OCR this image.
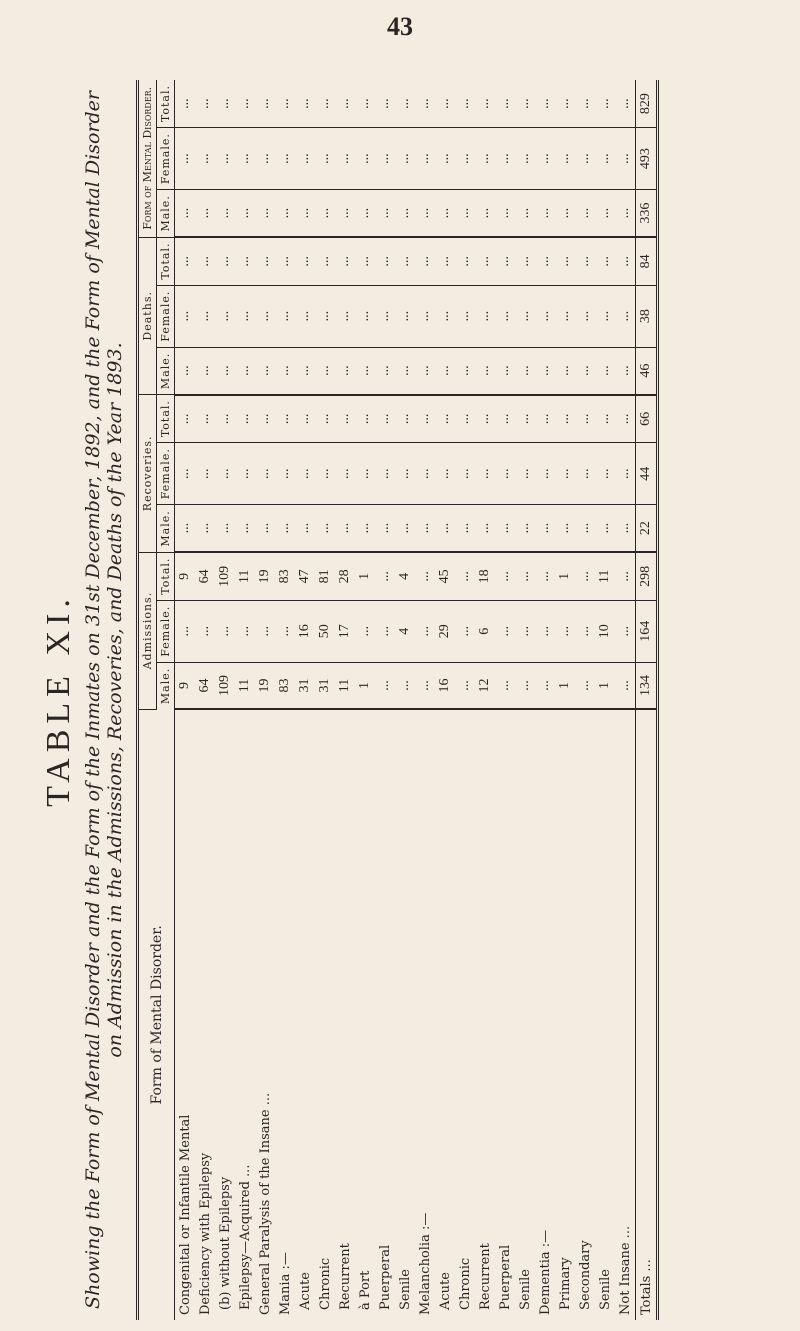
43
TABLE XI. Showing the Form of Mental Disorder and the Form of the Inmates on 31st December, 1892, and the Form of Mental Disorder on Admission in the Admissions, Recoveries, and Deaths of the Year 1893. Form of Mental Disorder.	Admissions.			Recoveries.			Deaths.			Form of Mental Disorder.		
	Male.	Female.	Total.	Male.	Female.	Total.	Male.	Female.	Total.	Male.	Female.	Total.
Congenital or Infantile Mental	9	...	9	...	...	...	...	...	...	...	...	...
Deficiency with Epilepsy	64	...	64	...	...	...	...	...	...	...	...	...
(b) without Epilepsy	109	...	109	...	...	...	...	...	...	...	...	...
Epilepsy—Acquired ...	11	...	11	...	...	...	...	...	...	...	...	...
General Paralysis of the Insane ...	19	...	19	...	...	...	...	...	...	...	...	...
Mania :—	83	...	83	...	...	...	...	...	...	...	...	...
Acute	31	16	47	...	...	...	...	...	...	...	...	...
Chronic	31	50	81	...	...	...	...	...	...	...	...	...
Recurrent	11	17	28	...	...	...	...	...	...	...	...	...
à Port	1	...	1	...	...	...	...	...	...	...	...	...
Puerperal	...	...	...	...	...	...	...	...	...	...	...	...
Senile	...	4	4	...	...	...	...	...	...	...	...	...
Melancholia :—	...	...	...	...	...	...	...	...	...	...	...	...
Acute	16	29	45	...	...	...	...	...	...	...	...	...
Chronic	...	...	...	...	...	...	...	...	...	...	...	...
Recurrent	12	6	18	...	...	...	...	...	...	...	...	...
Puerperal	...	...	...	...	...	...	...	...	...	...	...	...
Senile	...	...	...	...	...	...	...	...	...	...	...	...
Dementia :—	...	...	...	...	...	...	...	...	...	...	...	...
Primary	1	...	1	...	...	...	...	...	...	...	...	...
Secondary	...	...	...	...	...	...	...	...	...	...	...	...
Senile	1	10	11	...	...	...	...	...	...	...	...	...
Not Insane ...	...	...	...	...	...	...	...	...	...	...	...	...
Totals ...	134	164	298	22	44	66	46	38	84	336	493	829
